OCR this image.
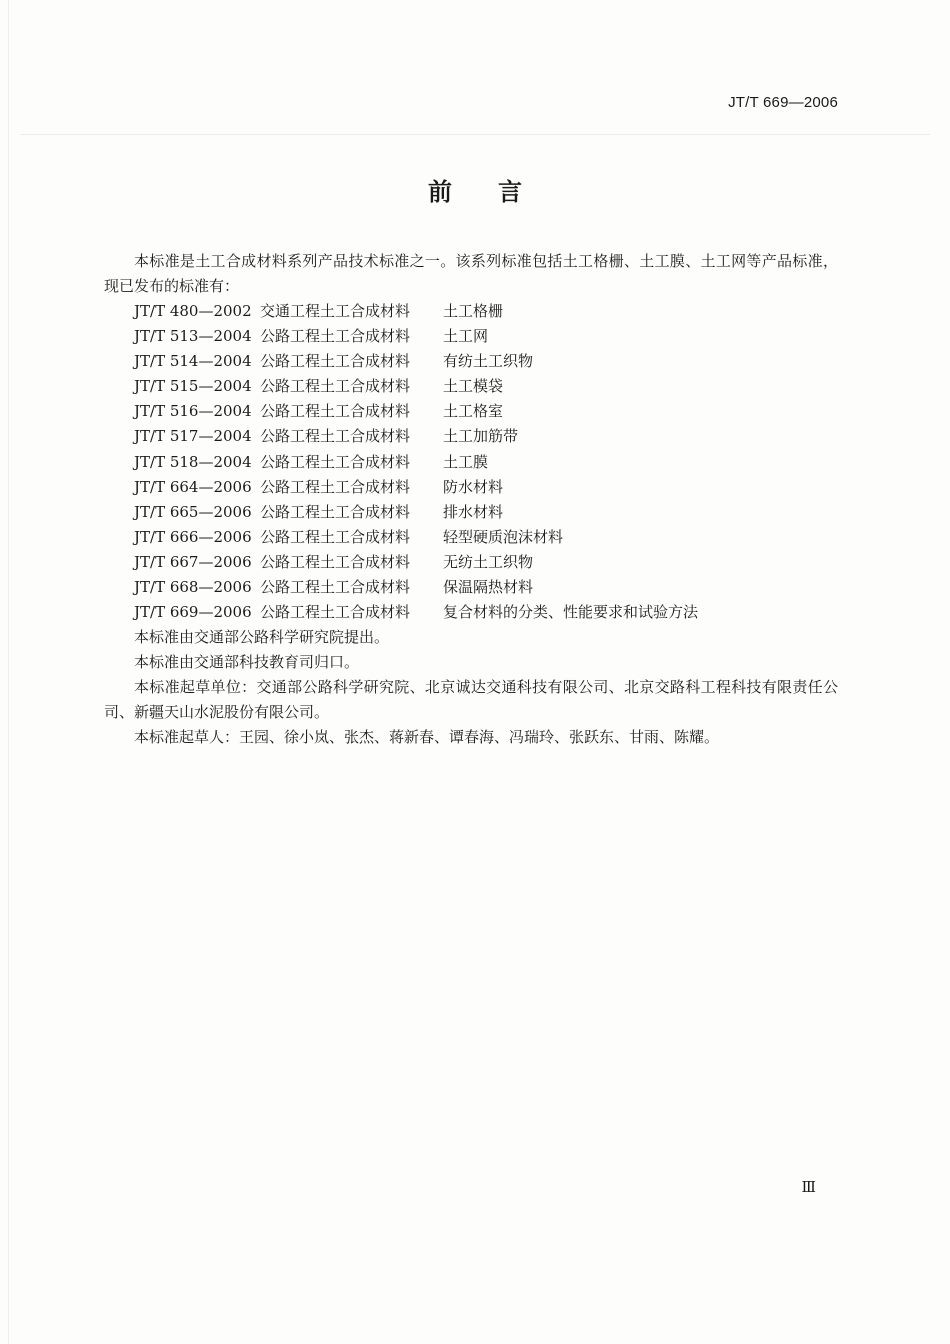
JT/T 669—2006
前言

本标准是土工合成材料系列产品技术标准之一。该系列标准包括土工格栅、土工膜、土工网等产品标准，现已发布的标准有：

JT/T 480—2002 交通工程土工合成材料	土工格栅
JT/T 513—2004 公路工程土工合成材料	土工网
JT/T 514—2004 公路工程土工合成材料	有纺土工织物
JT/T 515—2004 公路工程土工合成材料	土工模袋
JT/T 516—2004 公路工程土工合成材料	土工格室
JT/T 517—2004 公路工程土工合成材料	土工加筋带
JT/T 518—2004 公路工程土工合成材料	土工膜
JT/T 664—2006 公路工程土工合成材料	防水材料
JT/T 665—2006 公路工程土工合成材料	排水材料
JT/T 666—2006 公路工程土工合成材料	轻型硬质泡沫材料
JT/T 667—2006 公路工程土工合成材料	无纺土工织物
JT/T 668—2006 公路工程土工合成材料	保温隔热材料
JT/T 669—2006 公路工程土工合成材料	复合材料的分类、性能要求和试验方法

本标准由交通部公路科学研究院提出。

本标准由交通部科技教育司归口。

本标准起草单位：交通部公路科学研究院、北京诚达交通科技有限公司、北京交路科工程科技有限责任公司、新疆天山水泥股份有限公司。

本标准起草人：王园、徐小岚、张杰、蒋新春、谭春海、冯瑞玲、张跃东、甘雨、陈耀。

Ⅲ
